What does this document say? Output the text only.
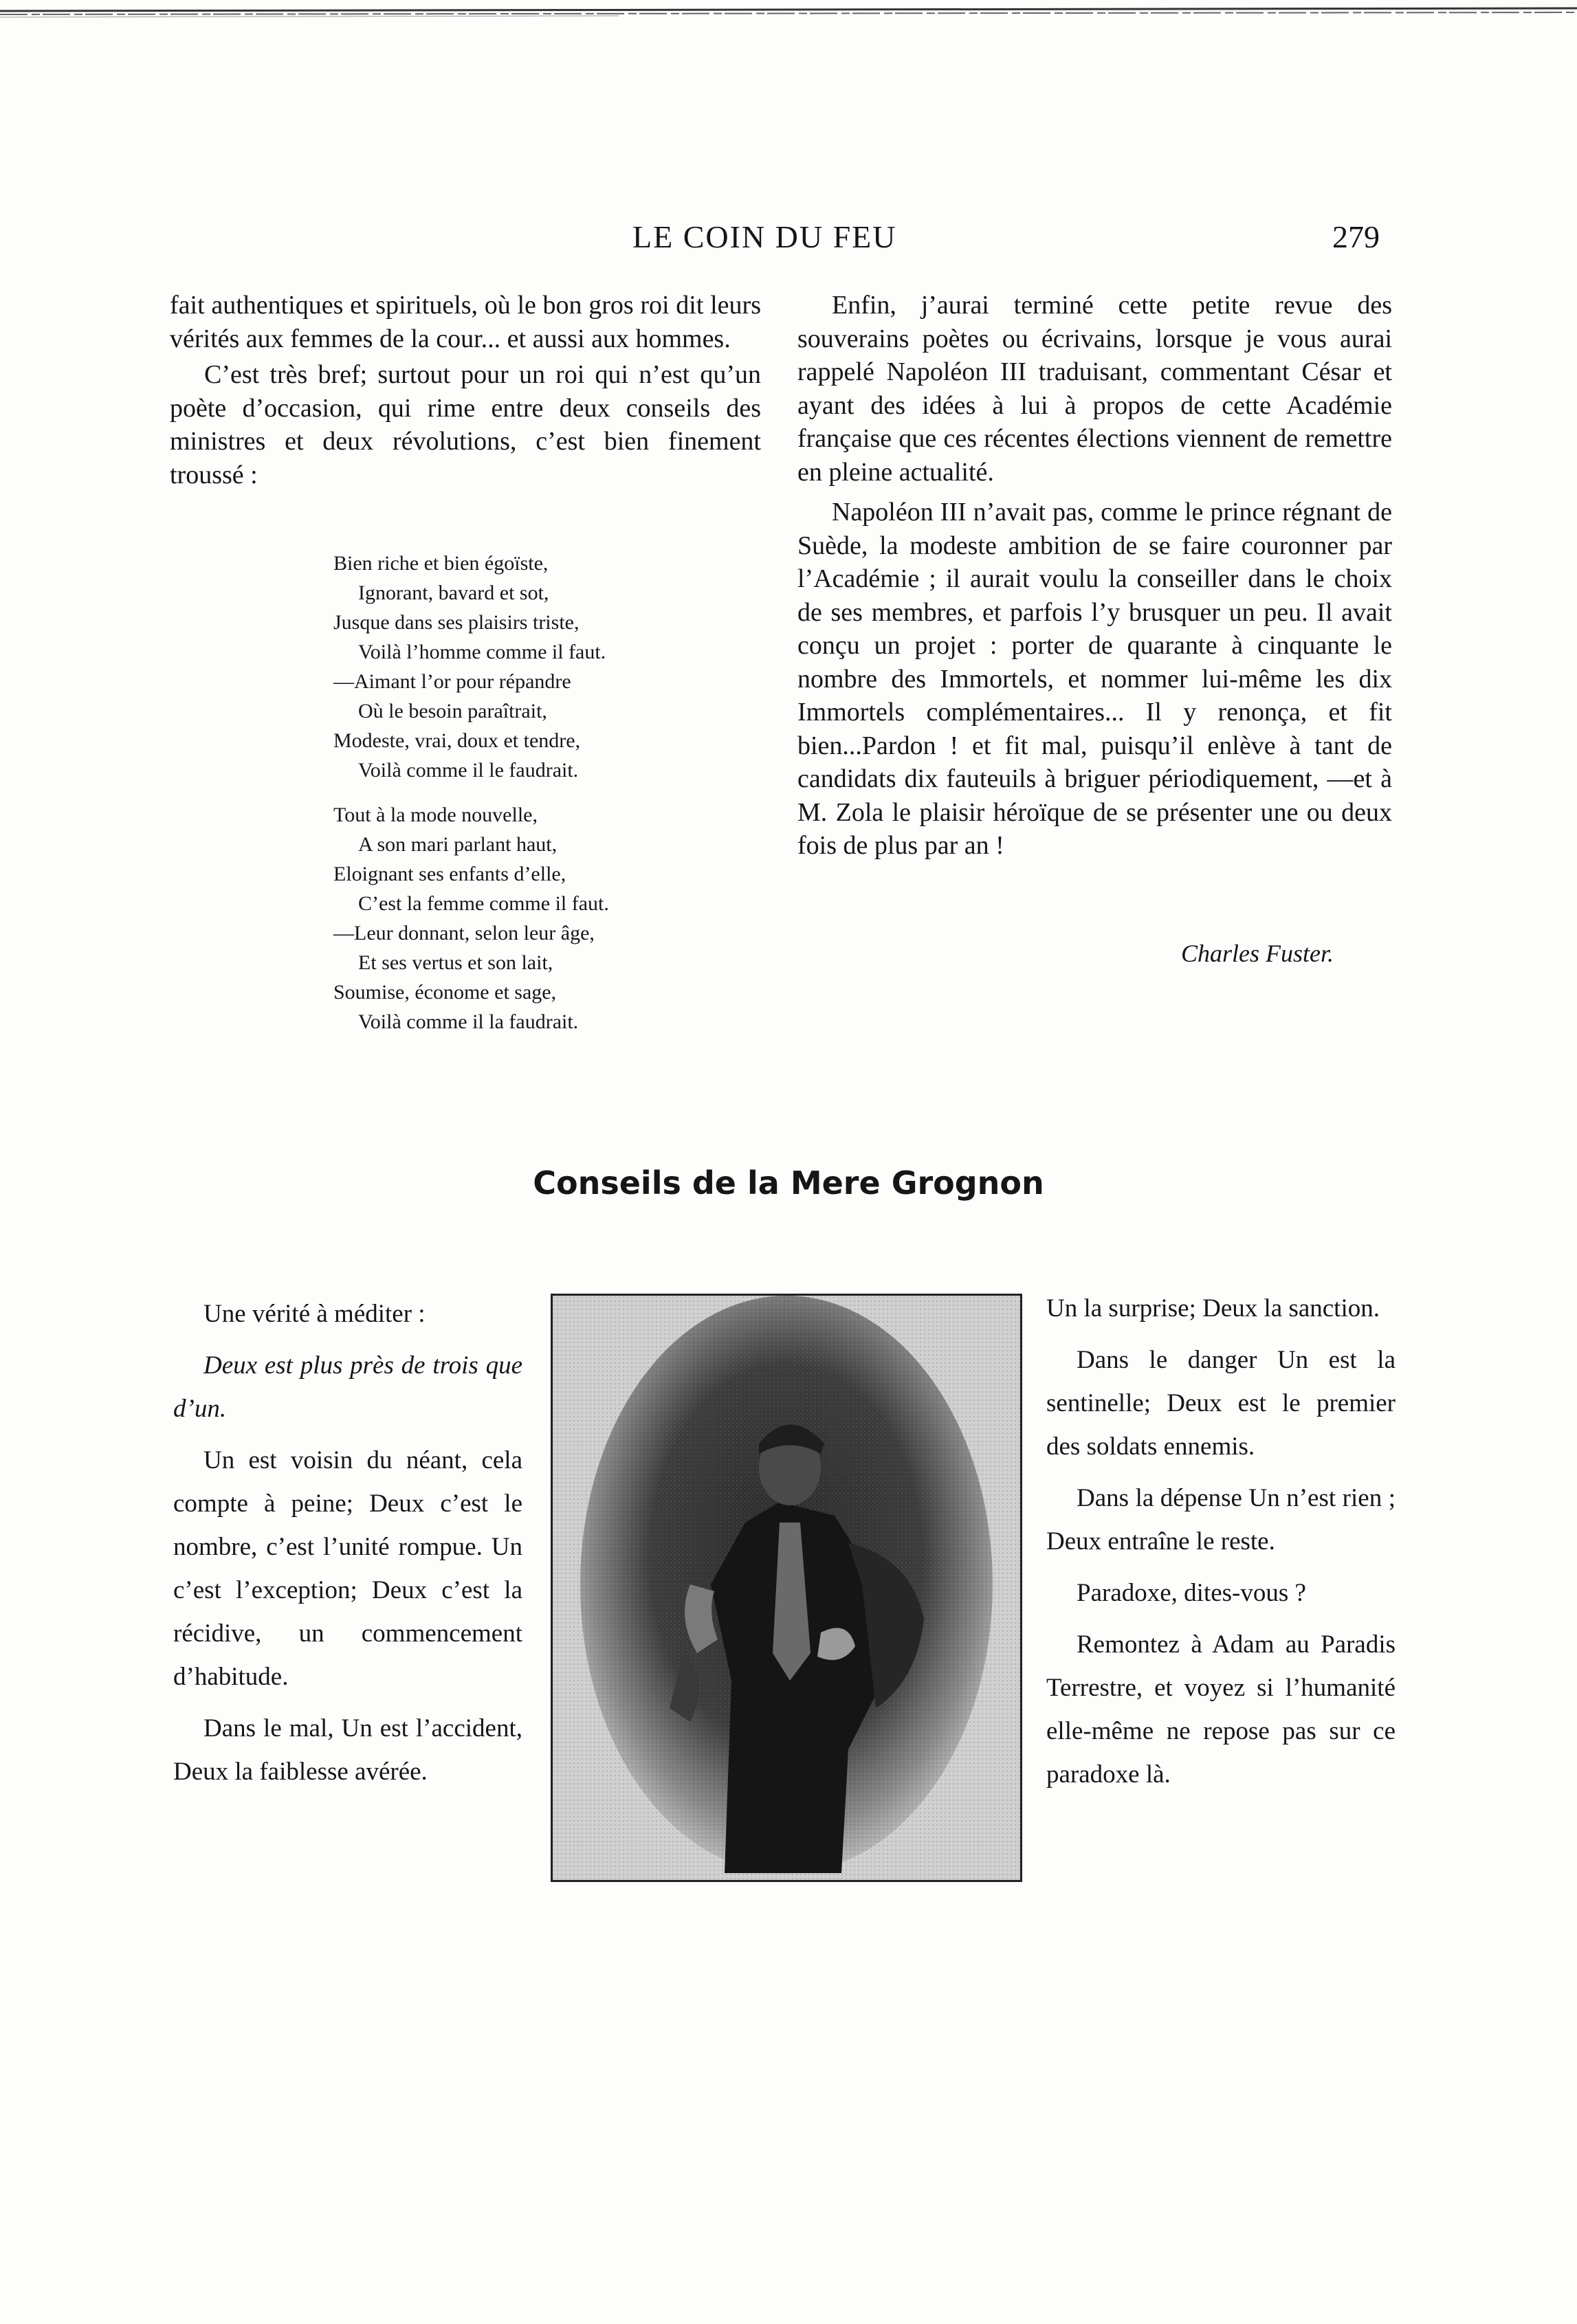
LE COIN DU FEU	279

fait authentiques et spirituels, où le bon gros roi dit leurs vérités aux femmes de la cour... et aussi aux hommes.

C’est très bref; surtout pour un roi qui n’est qu’un poète d’occasion, qui rime entre deux conseils des ministres et deux révolutions, c’est bien finement troussé :

Bien riche et bien égoïste,
Ignorant, bavard et sot,
Jusque dans ses plaisirs triste,
Voilà l’homme comme il faut.
—Aimant l’or pour répandre
Où le besoin paraîtrait,
Modeste, vrai, doux et tendre,
Voilà comme il le faudrait.
Tout à la mode nouvelle,
A son mari parlant haut,
Eloignant ses enfants d’elle,
C’est la femme comme il faut.
—Leur donnant, selon leur âge,
Et ses vertus et son lait,
Soumise, économe et sage,
Voilà comme il la faudrait.

Enfin, j’aurai terminé cette petite revue des souverains poètes ou écrivains, lorsque je vous aurai rappelé Napoléon III traduisant, commentant César et ayant des idées à lui à propos de cette Académie française que ces récentes élections viennent de remettre en pleine actualité.

Napoléon III n’avait pas, comme le prince régnant de Suède, la modeste ambition de se faire couronner par l’Académie ; il aurait voulu la conseiller dans le choix de ses membres, et parfois l’y brusquer un peu. Il avait conçu un projet : porter de quarante à cinquante le nombre des Immortels, et nommer lui-même les dix Immortels complémentaires... Il y renonça, et fit bien...Pardon ! et fit mal, puisqu’il enlève à tant de candidats dix fauteuils à briguer périodiquement, —et à M. Zola le plaisir héroïque de se présenter une ou deux fois de plus par an !

Charles Fuster.
Conseils de la Mere Grognon

Une vérité à méditer :

Deux est plus près de trois que d’un.

Un est voisin du néant, cela compte à peine; Deux c’est le nombre, c’est l’unité rompue. Un c’est l’exception; Deux c’est la récidive, un commencement d’habitude.

Dans le mal, Un est l’accident, Deux la faiblesse avérée.

Un la surprise; Deux la sanction.

Dans le danger Un est la sentinelle; Deux est le premier des soldats ennemis.

Dans la dépense Un n’est rien ; Deux entraîne le reste.

Paradoxe, dites-vous ?

Remontez à Adam au Paradis Terrestre, et voyez si l’humanité elle-même ne repose pas sur ce paradoxe là.
